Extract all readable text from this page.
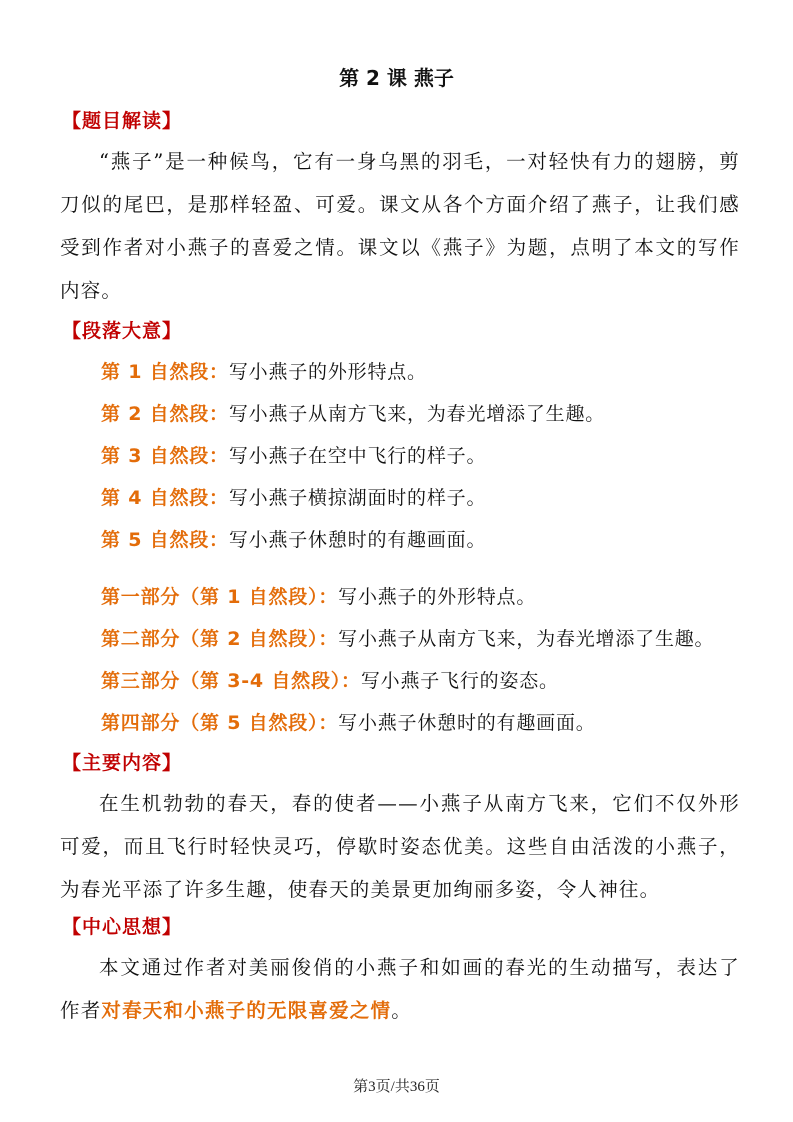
第 2 课 燕子
【题目解读】
“燕子”是一种候鸟，它有一身乌黑的羽毛，一对轻快有力的翅膀，剪刀似的尾巴，是那样轻盈、可爱。课文从各个方面介绍了燕子，让我们感受到作者对小燕子的喜爱之情。课文以《燕子》为题，点明了本文的写作内容。
【段落大意】
第 1 自然段：写小燕子的外形特点。
第 2 自然段：写小燕子从南方飞来，为春光增添了生趣。
第 3 自然段：写小燕子在空中飞行的样子。
第 4 自然段：写小燕子横掠湖面时的样子。
第 5 自然段：写小燕子休憩时的有趣画面。
第一部分（第 1 自然段）：写小燕子的外形特点。
第二部分（第 2 自然段）：写小燕子从南方飞来，为春光增添了生趣。
第三部分（第 3-4 自然段）：写小燕子飞行的姿态。
第四部分（第 5 自然段）：写小燕子休憩时的有趣画面。
【主要内容】
在生机勃勃的春天，春的使者——小燕子从南方飞来，它们不仅外形可爱，而且飞行时轻快灵巧，停歇时姿态优美。这些自由活泼的小燕子，为春光平添了许多生趣，使春天的美景更加绚丽多姿，令人神往。
【中心思想】
本文通过作者对美丽俊俏的小燕子和如画的春光的生动描写，表达了作者对春天和小燕子的无限喜爱之情。
第3页/共36页
